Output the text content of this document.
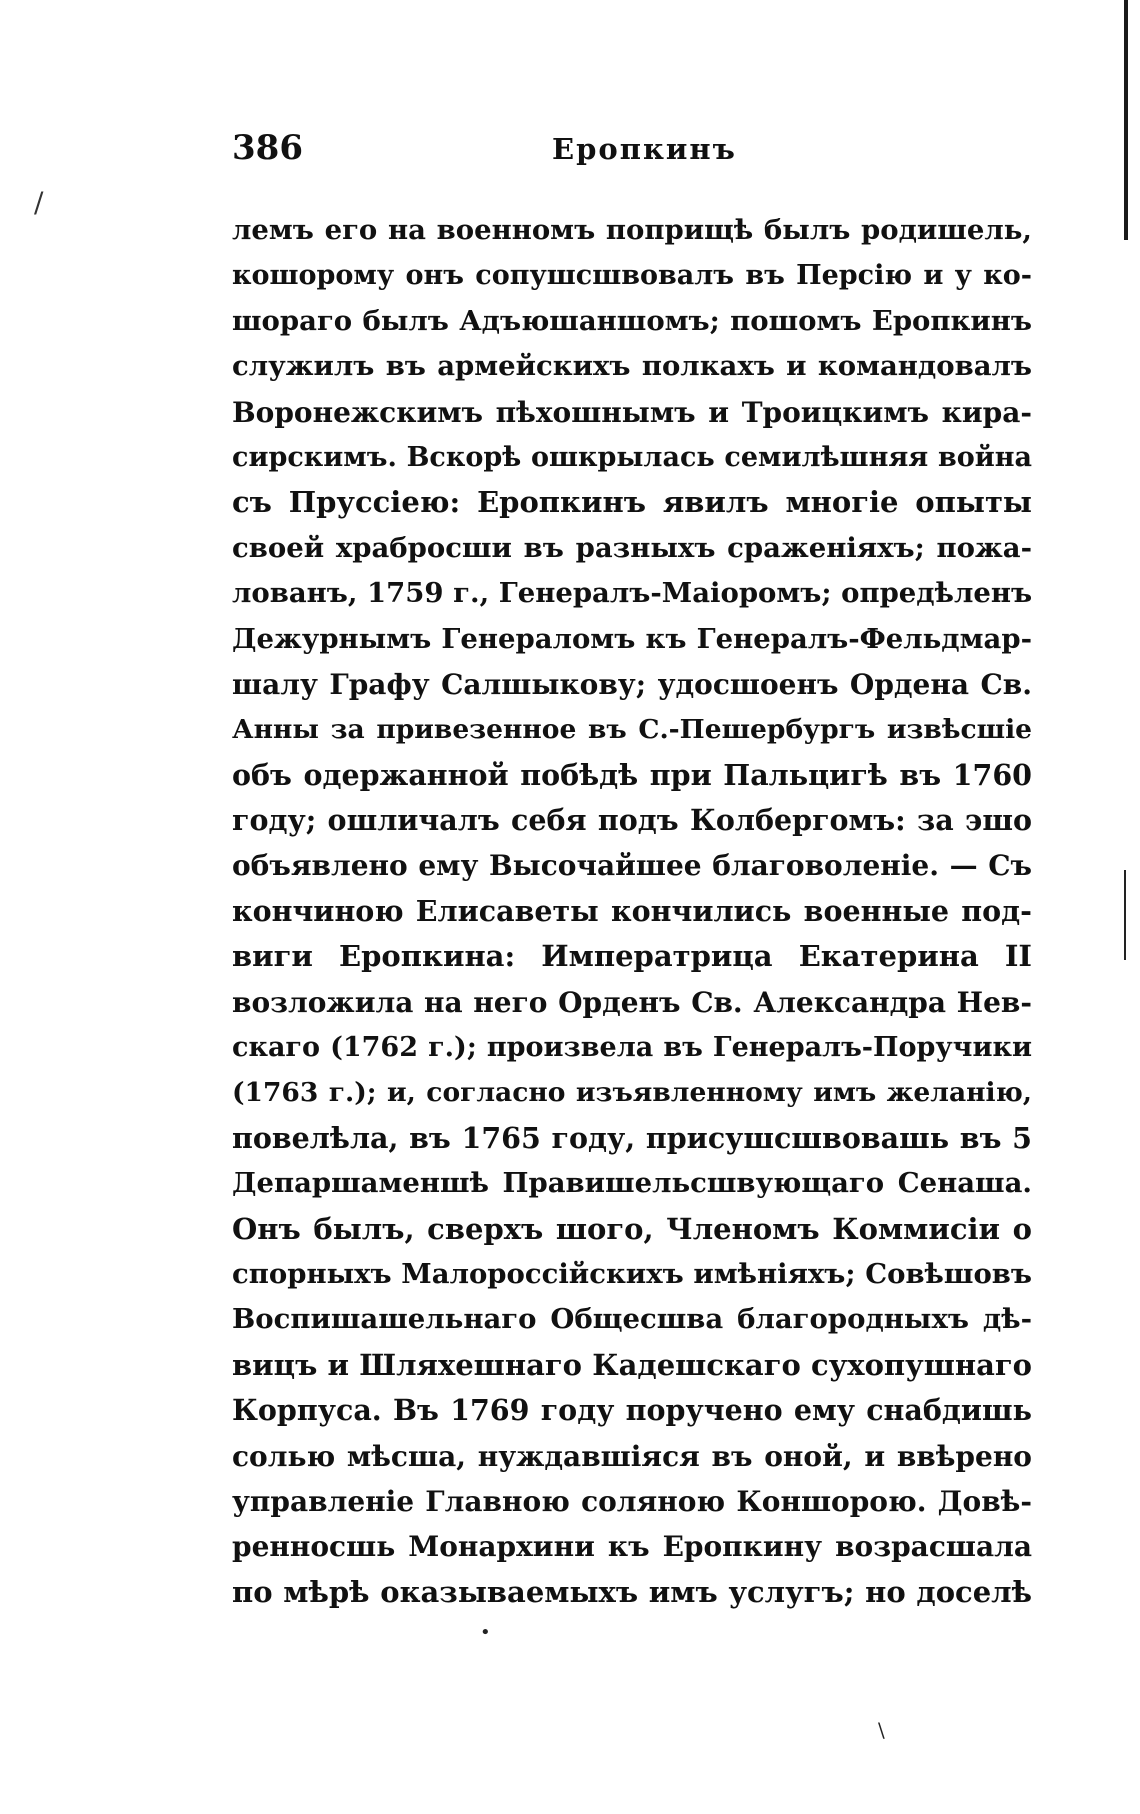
386	Еропкинъ
/
лемъ его на военномъ поприщѣ былъ родишель,
кошорому онъ сопушсшвовалъ въ Персію и у ко-
шораго былъ Адъюшаншомъ; пошомъ Еропкинъ
служилъ въ армейскихъ полкахъ и командовалъ
Воронежскимъ пѣхошнымъ и Троицкимъ кира-
сирскимъ. Вскорѣ ошкрылась семилѣшняя война
съ Пруссіею: Еропкинъ явилъ многіе опыты
своей храбросши въ разныхъ сраженіяхъ; пожа-
лованъ, 1759 г., Генералъ-Маіоромъ; опредѣленъ
Дежурнымъ Генераломъ къ Генералъ-Фельдмар-
шалу Графу Салшыкову; удосшоенъ Ордена Св.
Анны за привезенное въ С.-Пешербургъ извѣсшіе
объ одержанной побѣдѣ при Пальцигѣ въ 1760
году; ошличалъ себя подъ Колбергомъ: за эшо
объявлено ему Высочайшее благоволеніе. — Съ
кончиною Елисаветы кончились военные под-
виги Еропкина: Императрица Екатерина II
возложила на него Орденъ Св. Александра Нев-
скаго (1762 г.); произвела въ Генералъ-Поручики
(1763 г.); и, согласно изъявленному имъ желанію,
повелѣла, въ 1765 году, присушсшвовашь въ 5
Депаршаменшѣ Правишельсшвующаго Сенаша.
Онъ былъ, сверхъ шого, Членомъ Коммисіи о
спорныхъ Малороссійскихъ имѣніяхъ; Совѣшовъ
Воспишашельнаго Общесшва благородныхъ дѣ-
вицъ и Шляхешнаго Кадешскаго сухопушнаго
Корпуса. Въ 1769 году поручено ему снабдишь
солью мѣсша, нуждавшіяся въ оной, и ввѣрено
управленіе Главною соляною Коншорою. Довѣ-
ренносшь Монархини къ Еропкину возрасшала
по мѣрѣ оказываемыхъ имъ услугъ; но доселѣ
•
\
